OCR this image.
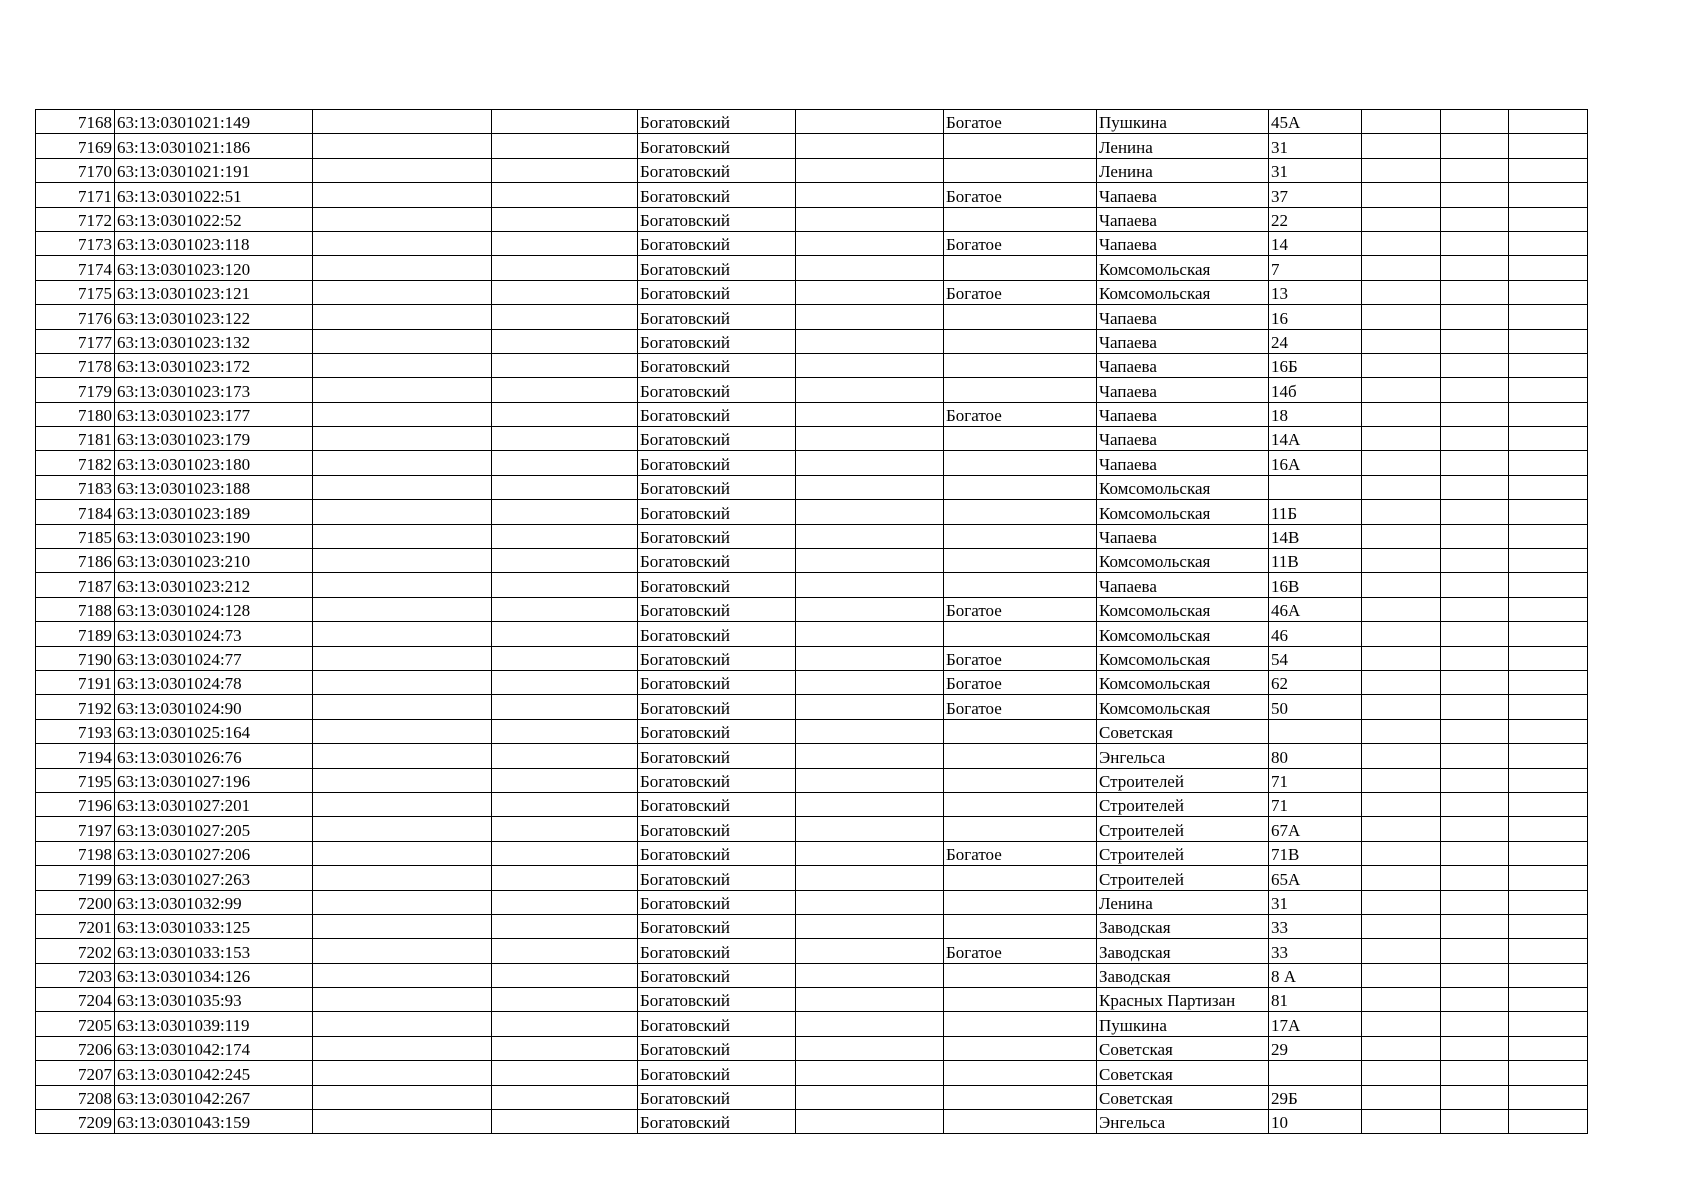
7168	63:13:0301021:149			Богатовский		Богатое	Пушкина	45А			
7169	63:13:0301021:186			Богатовский			Ленина	31			
7170	63:13:0301021:191			Богатовский			Ленина	31			
7171	63:13:0301022:51			Богатовский		Богатое	Чапаева	37			
7172	63:13:0301022:52			Богатовский			Чапаева	22			
7173	63:13:0301023:118			Богатовский		Богатое	Чапаева	14			
7174	63:13:0301023:120			Богатовский			Комсомольская	7			
7175	63:13:0301023:121			Богатовский		Богатое	Комсомольская	13			
7176	63:13:0301023:122			Богатовский			Чапаева	16			
7177	63:13:0301023:132			Богатовский			Чапаева	24			
7178	63:13:0301023:172			Богатовский			Чапаева	16Б			
7179	63:13:0301023:173			Богатовский			Чапаева	14б			
7180	63:13:0301023:177			Богатовский		Богатое	Чапаева	18			
7181	63:13:0301023:179			Богатовский			Чапаева	14А			
7182	63:13:0301023:180			Богатовский			Чапаева	16А			
7183	63:13:0301023:188			Богатовский			Комсомольская				
7184	63:13:0301023:189			Богатовский			Комсомольская	11Б			
7185	63:13:0301023:190			Богатовский			Чапаева	14В			
7186	63:13:0301023:210			Богатовский			Комсомольская	11В			
7187	63:13:0301023:212			Богатовский			Чапаева	16В			
7188	63:13:0301024:128			Богатовский		Богатое	Комсомольская	46А			
7189	63:13:0301024:73			Богатовский			Комсомольская	46			
7190	63:13:0301024:77			Богатовский		Богатое	Комсомольская	54			
7191	63:13:0301024:78			Богатовский		Богатое	Комсомольская	62			
7192	63:13:0301024:90			Богатовский		Богатое	Комсомольская	50			
7193	63:13:0301025:164			Богатовский			Советская				
7194	63:13:0301026:76			Богатовский			Энгельса	80			
7195	63:13:0301027:196			Богатовский			Строителей	71			
7196	63:13:0301027:201			Богатовский			Строителей	71			
7197	63:13:0301027:205			Богатовский			Строителей	67А			
7198	63:13:0301027:206			Богатовский		Богатое	Строителей	71В			
7199	63:13:0301027:263			Богатовский			Строителей	65А			
7200	63:13:0301032:99			Богатовский			Ленина	31			
7201	63:13:0301033:125			Богатовский			Заводская	33			
7202	63:13:0301033:153			Богатовский		Богатое	Заводская	33			
7203	63:13:0301034:126			Богатовский			Заводская	8 А			
7204	63:13:0301035:93			Богатовский			Красных Партизан	81			
7205	63:13:0301039:119			Богатовский			Пушкина	17А			
7206	63:13:0301042:174			Богатовский			Советская	29			
7207	63:13:0301042:245			Богатовский			Советская				
7208	63:13:0301042:267			Богатовский			Советская	29Б			
7209	63:13:0301043:159			Богатовский			Энгельса	10			
